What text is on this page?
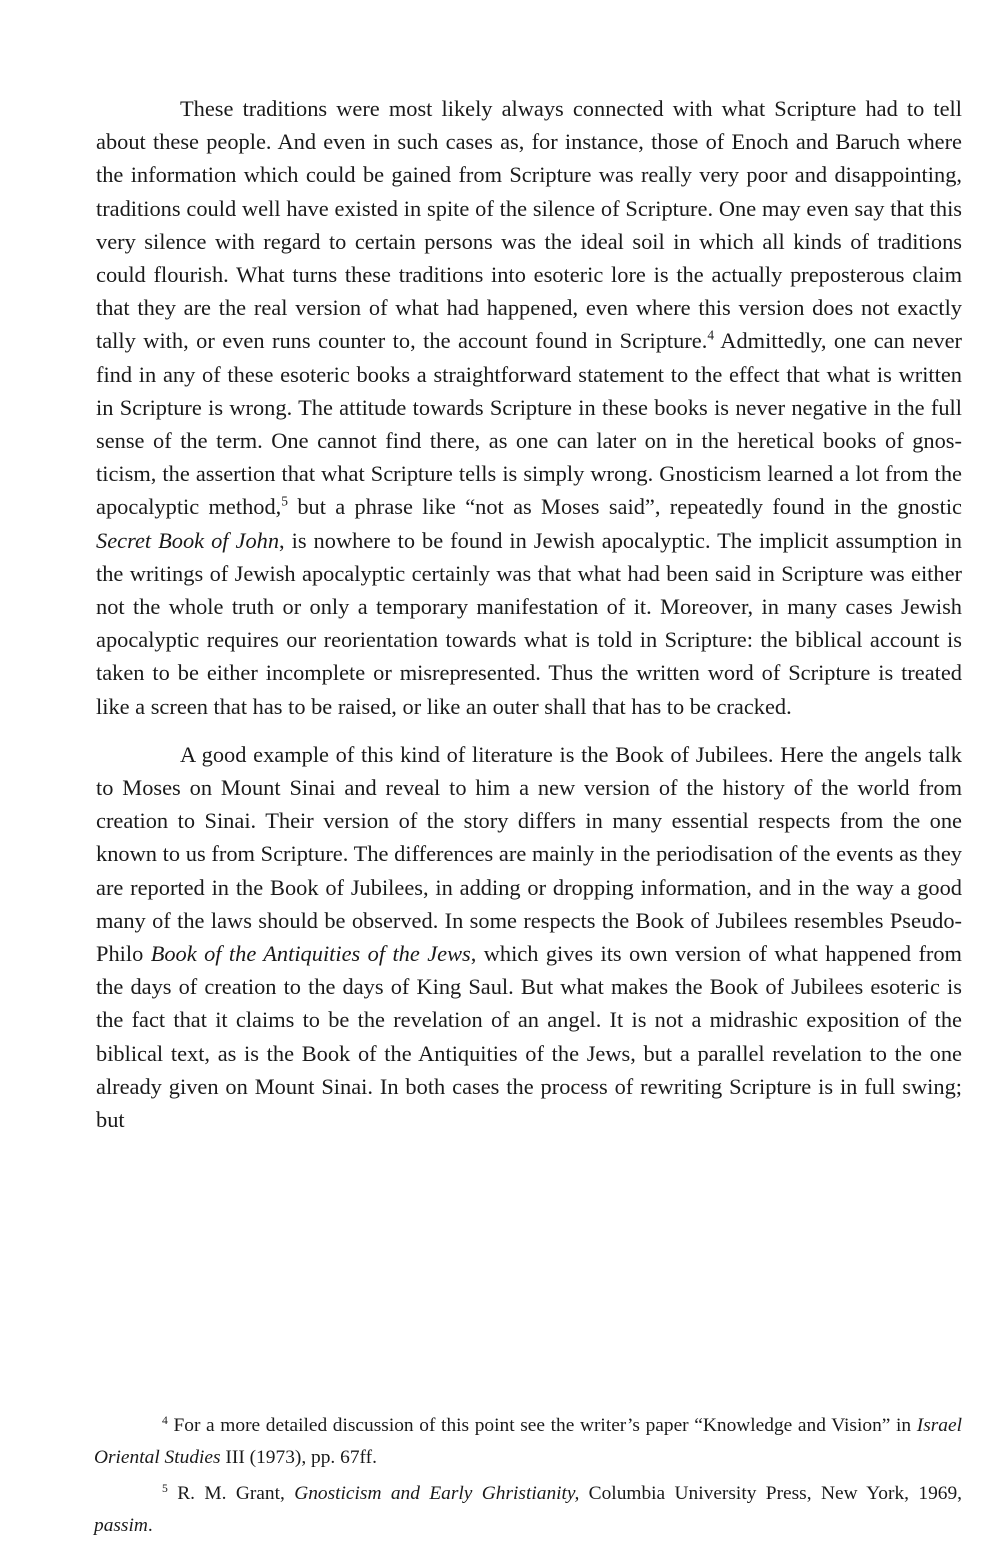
These traditions were most likely always connected with what Scripture had to tell about these people. And even in such cases as, for instance, those of Enoch and Baruch where the information which could be gained from Scripture was really very poor and disappointing, traditions could well have existed in spite of the silence of Scripture. One may even say that this very silence with regard to certain persons was the ideal soil in which all kinds of traditions could flourish. What turns these traditions into esoteric lore is the actually preposterous claim that they are the real version of what had happened, even where this version does not exactly tally with, or even runs counter to, the account found in Scripture.$^4$ Admittedly, one can never find in any of these esoteric books a straightforward statement to the effect that what is written in Scripture is wrong. The attitude towards Scripture in these books is never negative in the full sense of the term. One cannot find there, as one can later on in the heretical books of gnosticism, the assertion that what Scripture tells is simply wrong. Gnosticism learned a lot from the apocalyptic method,$^5$ but a phrase like “not as Moses said”, repeatedly found in the gnostic Secret Book of John, is nowhere to be found in Jewish apocalyptic. The implicit assumption in the writings of Jewish apocalyptic certainly was that what had been said in Scripture was either not the whole truth or only a temporary manifestation of it. Moreover, in many cases Jewish apocalyptic requires our reorientation towards what is told in Scripture: the biblical account is taken to be either incomplete or misrepresented. Thus the written word of Scripture is treated like a screen that has to be raised, or like an outer shall that has to be cracked.

A good example of this kind of literature is the Book of Jubilees. Here the angels talk to Moses on Mount Sinai and reveal to him a new version of the history of the world from creation to Sinai. Their version of the story differs in many essential respects from the one known to us from Scripture. The differences are mainly in the periodisation of the events as they are reported in the Book of Jubilees, in adding or dropping information, and in the way a good many of the laws should be observed. In some respects the Book of Jubilees resembles Pseudo-Philo Book of the Antiquities of the Jews, which gives its own version of what happened from the days of creation to the days of King Saul. But what makes the Book of Jubilees esoteric is the fact that it claims to be the revelation of an angel. It is not a midrashic exposition of the biblical text, as is the Book of the Antiquities of the Jews, but a parallel revelation to the one already given on Mount Sinai. In both cases the process of rewriting Scripture is in full swing; but

$^4$ For a more detailed discussion of this point see the writer’s paper “Knowledge and Vision” in Israel Oriental Studies III (1973), pp. 67ff.

$^5$ R. M. Grant, Gnosticism and Early Ghristianity, Columbia University Press, New York, 1969, passim.
